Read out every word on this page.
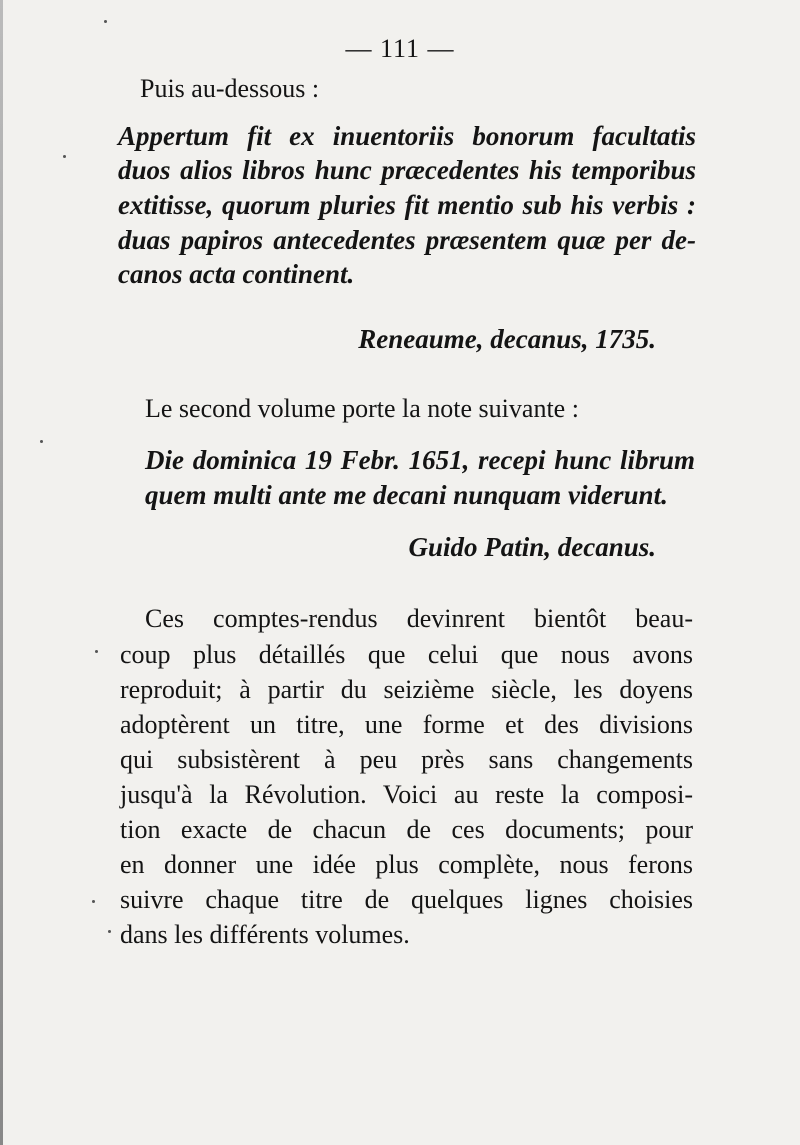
— 111 —
Puis au-dessous :
Appertum fit ex inuentoriis bonorum facultatis
duos alios libros hunc præcedentes his temporibus
extitisse, quorum pluries fit mentio sub his verbis :
duas papiros antecedentes præsentem quæ per de-
canos acta continent.
Reneaume, decanus, 1735.
Le second volume porte la note suivante :
Die dominica 19 Febr. 1651, recepi hunc librum
quem multi ante me decani nunquam viderunt.
Guido Patin, decanus.
Ces comptes-rendus devinrent bientôt beau-
coup plus détaillés que celui que nous avons
reproduit; à partir du seizième siècle, les doyens
adoptèrent un titre, une forme et des divisions
qui subsistèrent à peu près sans changements
jusqu'à la Révolution. Voici au reste la composi-
tion exacte de chacun de ces documents; pour
en donner une idée plus complète, nous ferons
suivre chaque titre de quelques lignes choisies
dans les différents volumes.
